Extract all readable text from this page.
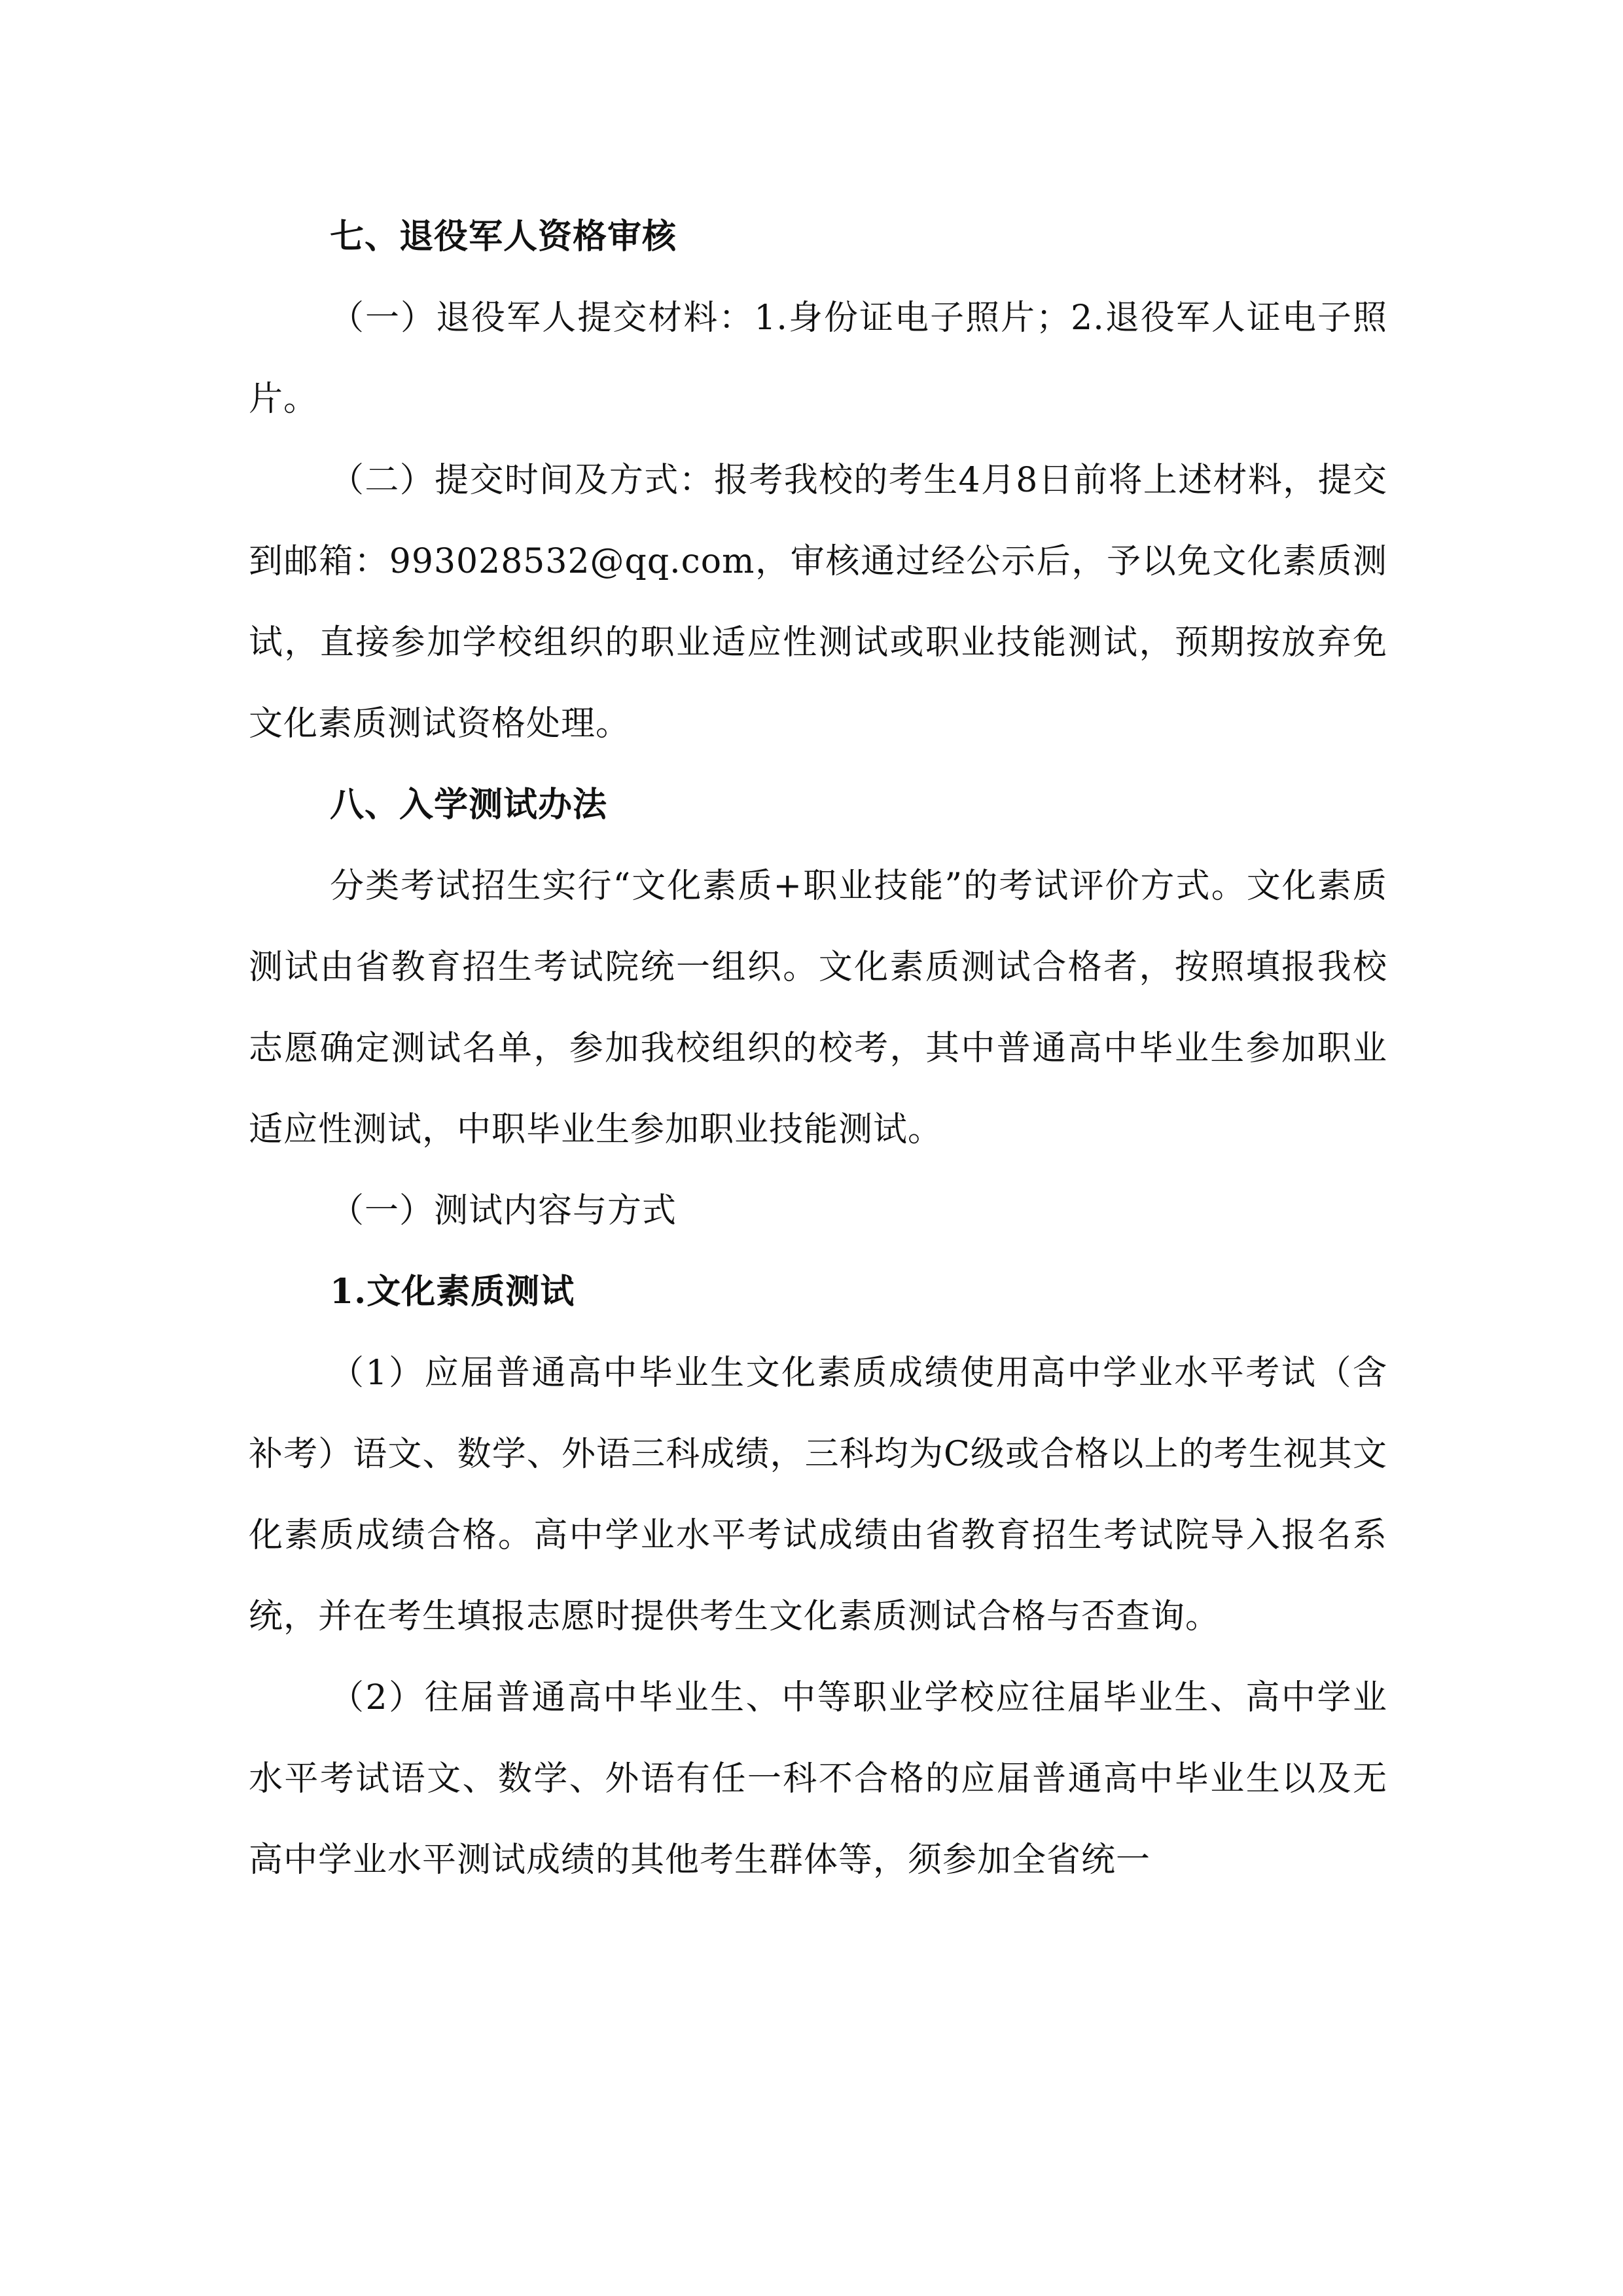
七、退役军人资格审核

（一）退役军人提交材料：1.身份证电子照片；2.退役军人证电子照片。

（二）提交时间及方式：报考我校的考生4月8日前将上述材料，提交到邮箱：993028532@qq.com，审核通过经公示后，予以免文化素质测试，直接参加学校组织的职业适应性测试或职业技能测试，预期按放弃免文化素质测试资格处理。

八、入学测试办法

分类考试招生实行“文化素质+职业技能”的考试评价方式。文化素质测试由省教育招生考试院统一组织。文化素质测试合格者，按照填报我校志愿确定测试名单，参加我校组织的校考，其中普通高中毕业生参加职业适应性测试，中职毕业生参加职业技能测试。

（一）测试内容与方式

1.文化素质测试

（1）应届普通高中毕业生文化素质成绩使用高中学业水平考试（含补考）语文、数学、外语三科成绩，三科均为C级或合格以上的考生视其文化素质成绩合格。高中学业水平考试成绩由省教育招生考试院导入报名系统，并在考生填报志愿时提供考生文化素质测试合格与否查询。

（2）往届普通高中毕业生、中等职业学校应往届毕业生、高中学业水平考试语文、数学、外语有任一科不合格的应届普通高中毕业生以及无高中学业水平测试成绩的其他考生群体等，须参加全省统一
